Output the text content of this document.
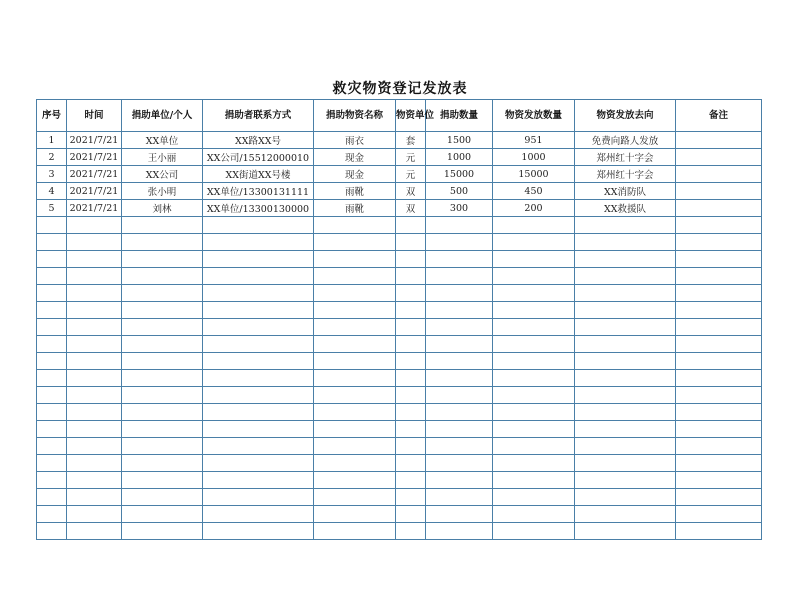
救灾物资登记发放表
序号	时间	捐助单位/个人	捐助者联系方式	捐助物资名称	物资单位	捐助数量	物资发放数量	物资发放去向	备注
1	2021/7/21	XX单位	XX路XX号	雨衣	套	1500	951	免费向路人发放	
2	2021/7/21	王小丽	XX公司/15512000010	现金	元	1000	1000	郑州红十字会	
3	2021/7/21	XX公司	XX街道XX号楼	现金	元	15000	15000	郑州红十字会	
4	2021/7/21	张小明	XX单位/13300131111	雨靴	双	500	450	XX消防队	
5	2021/7/21	刘林	XX单位/13300130000	雨靴	双	300	200	XX救援队	
